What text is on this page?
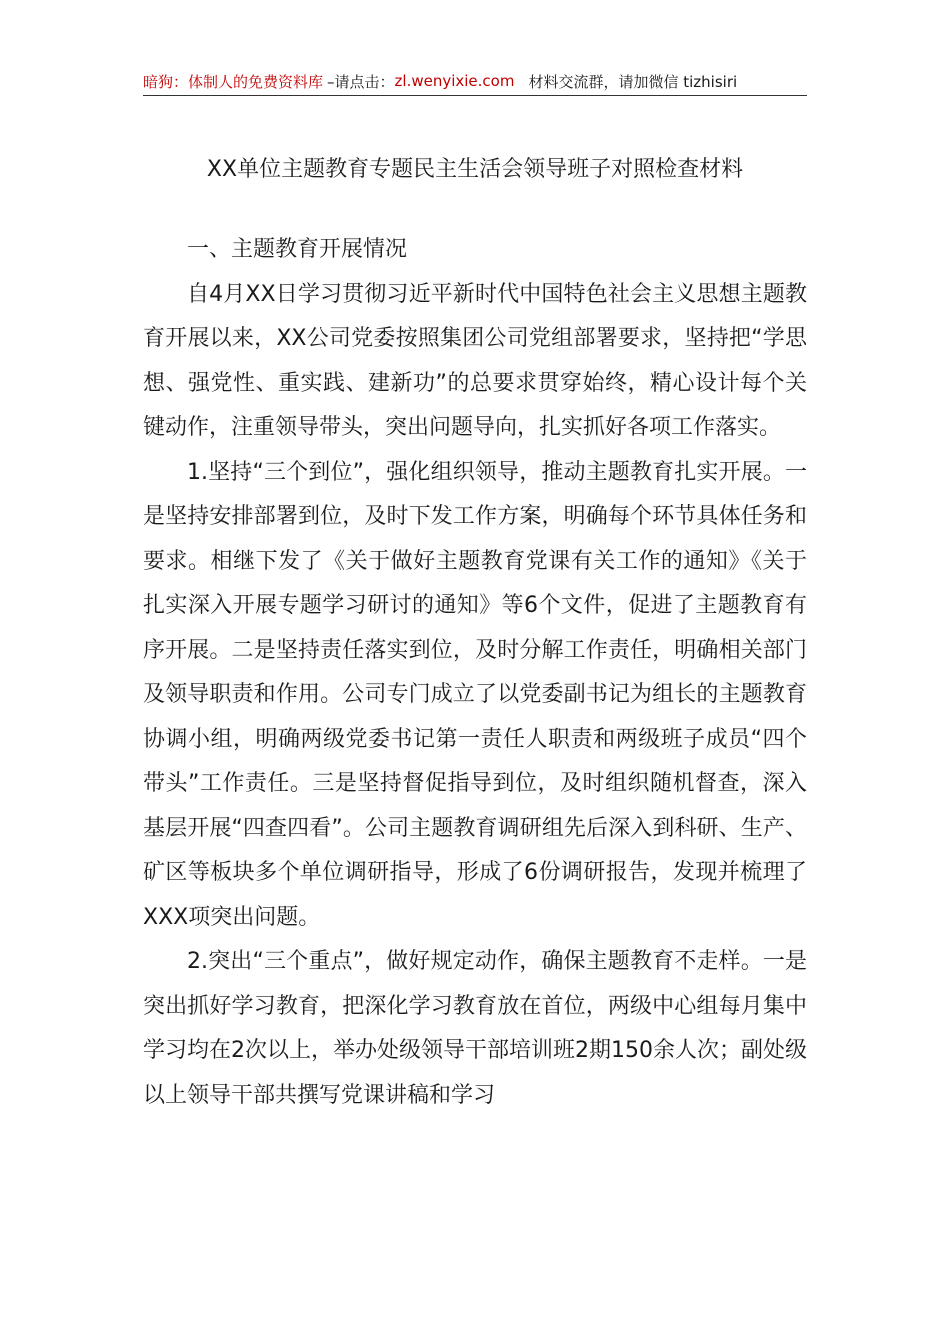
暗狗：体制人的免费资料库 –请点击： zl.wenyixie.com 材料交流群，请加微信 tizhisiri
XX单位主题教育专题民主生活会领导班子对照检查材料

一、主题教育开展情况

自4月XX日学习贯彻习近平新时代中国特色社会主义思想主题教育开展以来，XX公司党委按照集团公司党组部署要求，坚持把“学思想、强党性、重实践、建新功”的总要求贯穿始终，精心设计每个关键动作，注重领导带头，突出问题导向，扎实抓好各项工作落实。

1.坚持“三个到位”，强化组织领导，推动主题教育扎实开展。一是坚持安排部署到位，及时下发工作方案，明确每个环节具体任务和要求。相继下发了《关于做好主题教育党课有关工作的通知》《关于扎实深入开展专题学习研讨的通知》等6个文件，促进了主题教育有序开展。二是坚持责任落实到位，及时分解工作责任，明确相关部门及领导职责和作用。公司专门成立了以党委副书记为组长的主题教育协调小组，明确两级党委书记第一责任人职责和两级班子成员“四个带头”工作责任。三是坚持督促指导到位，及时组织随机督查，深入基层开展“四查四看”。公司主题教育调研组先后深入到科研、生产、矿区等板块多个单位调研指导，形成了6份调研报告，发现并梳理了XXX项突出问题。

2.突出“三个重点”，做好规定动作，确保主题教育不走样。一是突出抓好学习教育，把深化学习教育放在首位，两级中心组每月集中学习均在2次以上，举办处级领导干部培训班2期150余人次；副处级以上领导干部共撰写党课讲稿和学习
